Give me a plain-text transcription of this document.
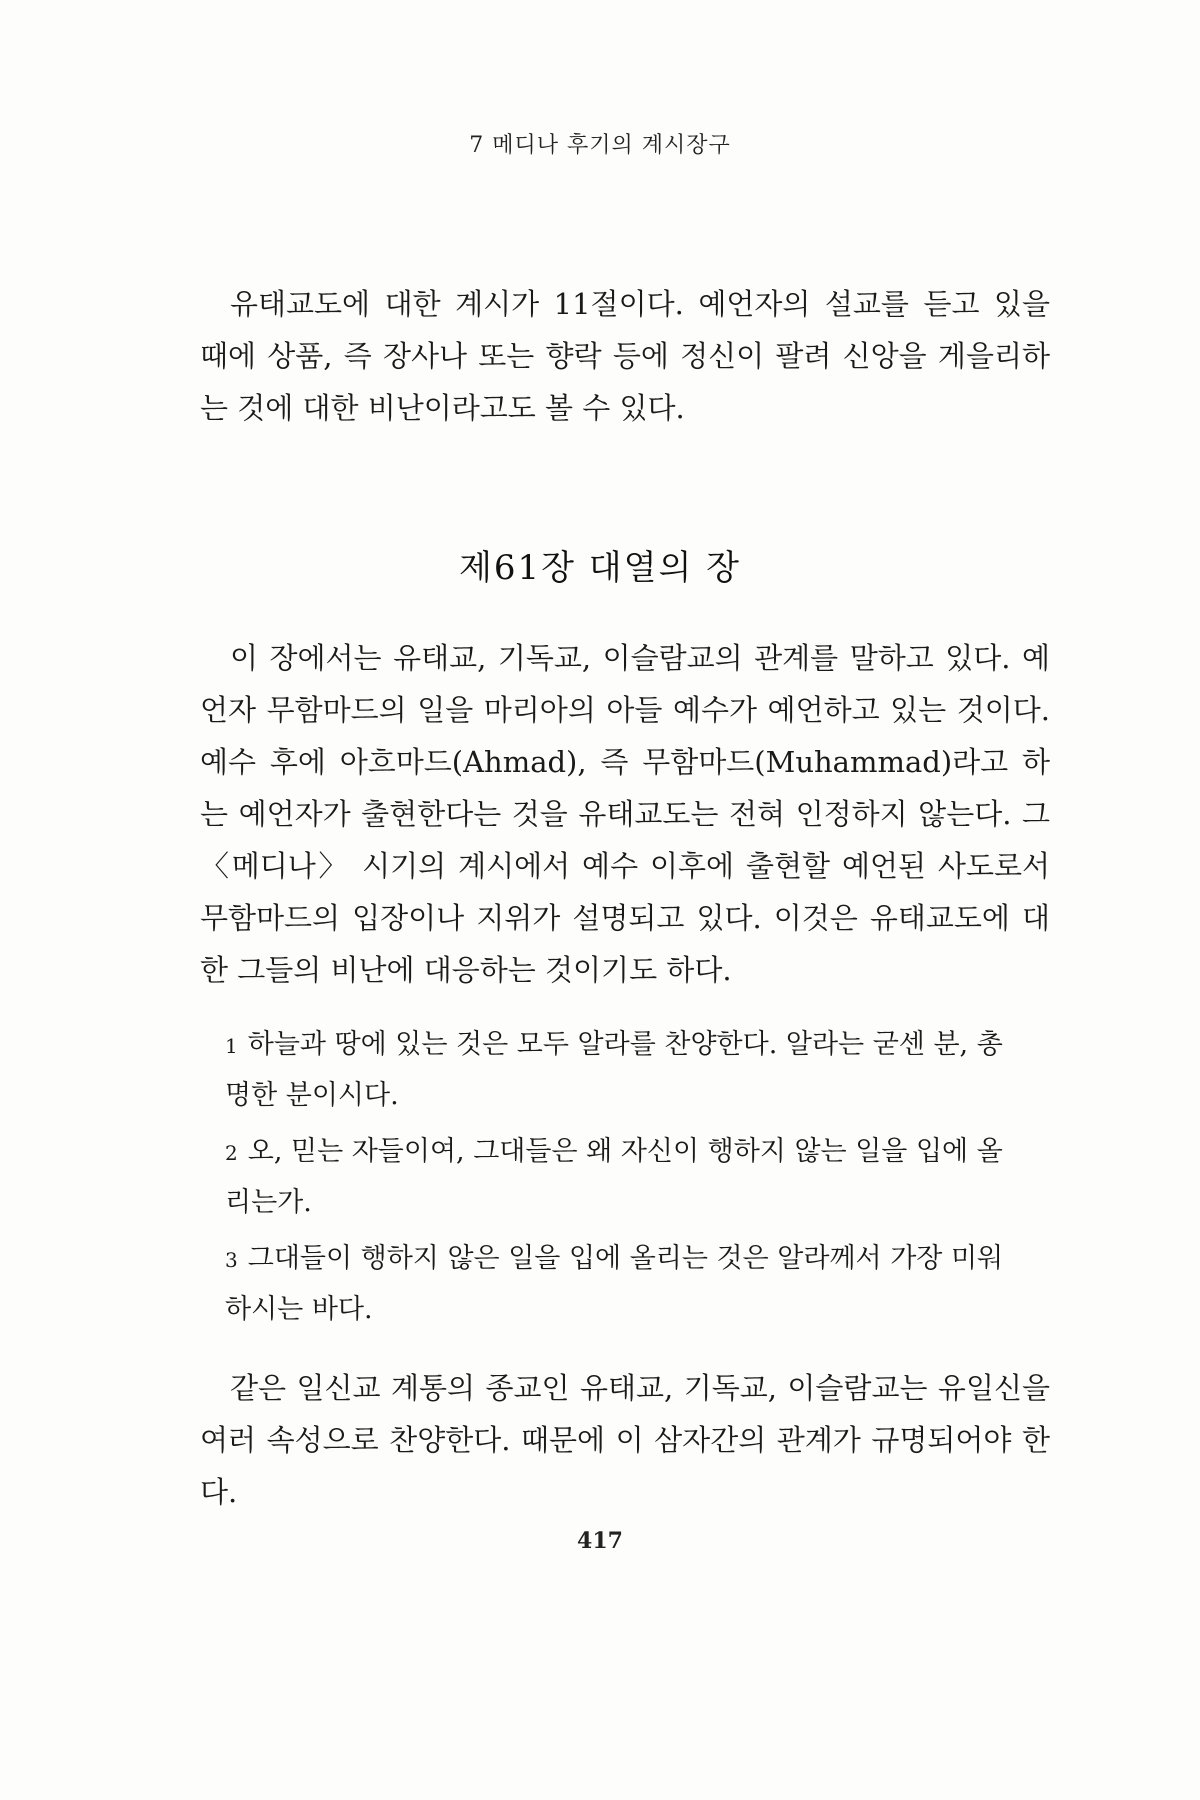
7 메디나 후기의 계시장구

유태교도에 대한 계시가 11절이다. 예언자의 설교를 듣고 있을 때에 상품, 즉 장사나 또는 향락 등에 정신이 팔려 신앙을 게을리하는 것에 대한 비난이라고도 볼 수 있다.

제61장 대열의 장

이 장에서는 유태교, 기독교, 이슬람교의 관계를 말하고 있다. 예언자 무함마드의 일을 마리아의 아들 예수가 예언하고 있는 것이다. 예수 후에 아흐마드(Ahmad), 즉 무함마드(Muhammad)라고 하는 예언자가 출현한다는 것을 유태교도는 전혀 인정하지 않는다. 그 〈메디나〉 시기의 계시에서 예수 이후에 출현할 예언된 사도로서 무함마드의 입장이나 지위가 설명되고 있다. 이것은 유태교도에 대한 그들의 비난에 대응하는 것이기도 하다.

1 하늘과 땅에 있는 것은 모두 알라를 찬양한다. 알라는 굳센 분, 총명한 분이시다.

2 오, 믿는 자들이여, 그대들은 왜 자신이 행하지 않는 일을 입에 올리는가.

3 그대들이 행하지 않은 일을 입에 올리는 것은 알라께서 가장 미워하시는 바다.

같은 일신교 계통의 종교인 유태교, 기독교, 이슬람교는 유일신을 여러 속성으로 찬양한다. 때문에 이 삼자간의 관계가 규명되어야 한다.

417
